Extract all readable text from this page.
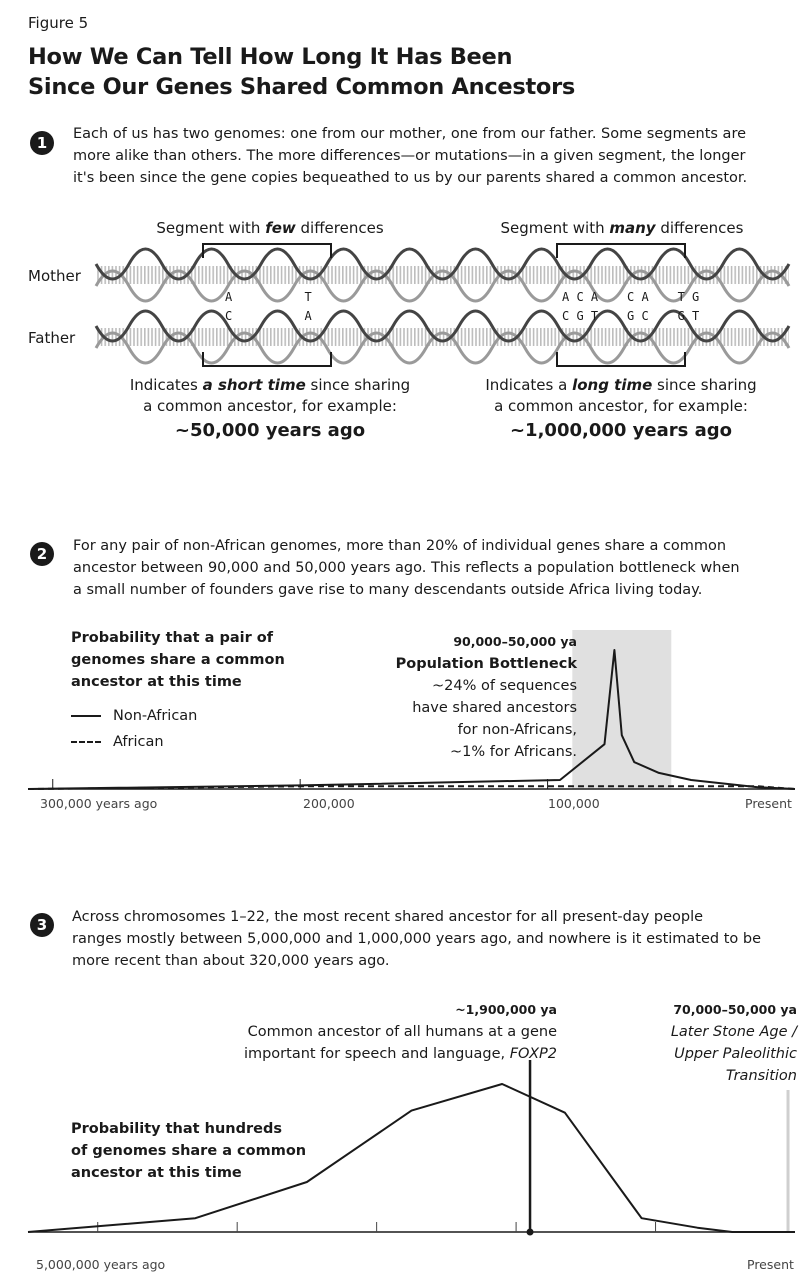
Figure 5
How We Can Tell How Long It Has Been
Since Our Genes Shared Common Ancestors
1	Each of us has two genomes: one from our mother, one from our father. Some segments are
more alike than others. The more differences—or mutations—in a given segment, the longer
it's been since the gene copies bequeathed to us by our parents shared a common ancestor.
Segment with few differences	Segment with many differences
Mother
Father
A          T
C          A
A C A    C A    T G
C G T    G C    G T
Indicates a short time since sharing
a common ancestor, for example:
~50,000 years ago
Indicates a long time since sharing
a common ancestor, for example:
~1,000,000 years ago
2	For any pair of non-African genomes, more than 20% of individual genes share a common
ancestor between 90,000 and 50,000 years ago. This reflects a population bottleneck when
a small number of founders gave rise to many descendants outside Africa living today.
Probability that a pair of
genomes share a common
ancestor at this time
Non-African
African
90,000–50,000 ya
Population Bottleneck
~24% of sequences
have shared ancestors
for non-Africans,
~1% for Africans.
300,000 years ago	200,000	100,000	Present
3	Across chromosomes 1–22, the most recent shared ancestor for all present-day people
ranges mostly between 5,000,000 and 1,000,000 years ago, and nowhere is it estimated to be
more recent than about 320,000 years ago.
~1,900,000 ya
Common ancestor of all humans at a gene
important for speech and language, FOXP2
70,000–50,000 ya
Later Stone Age /
Upper Paleolithic
Transition
Probability that hundreds
of genomes share a common
ancestor at this time
5,000,000 years ago	Present
